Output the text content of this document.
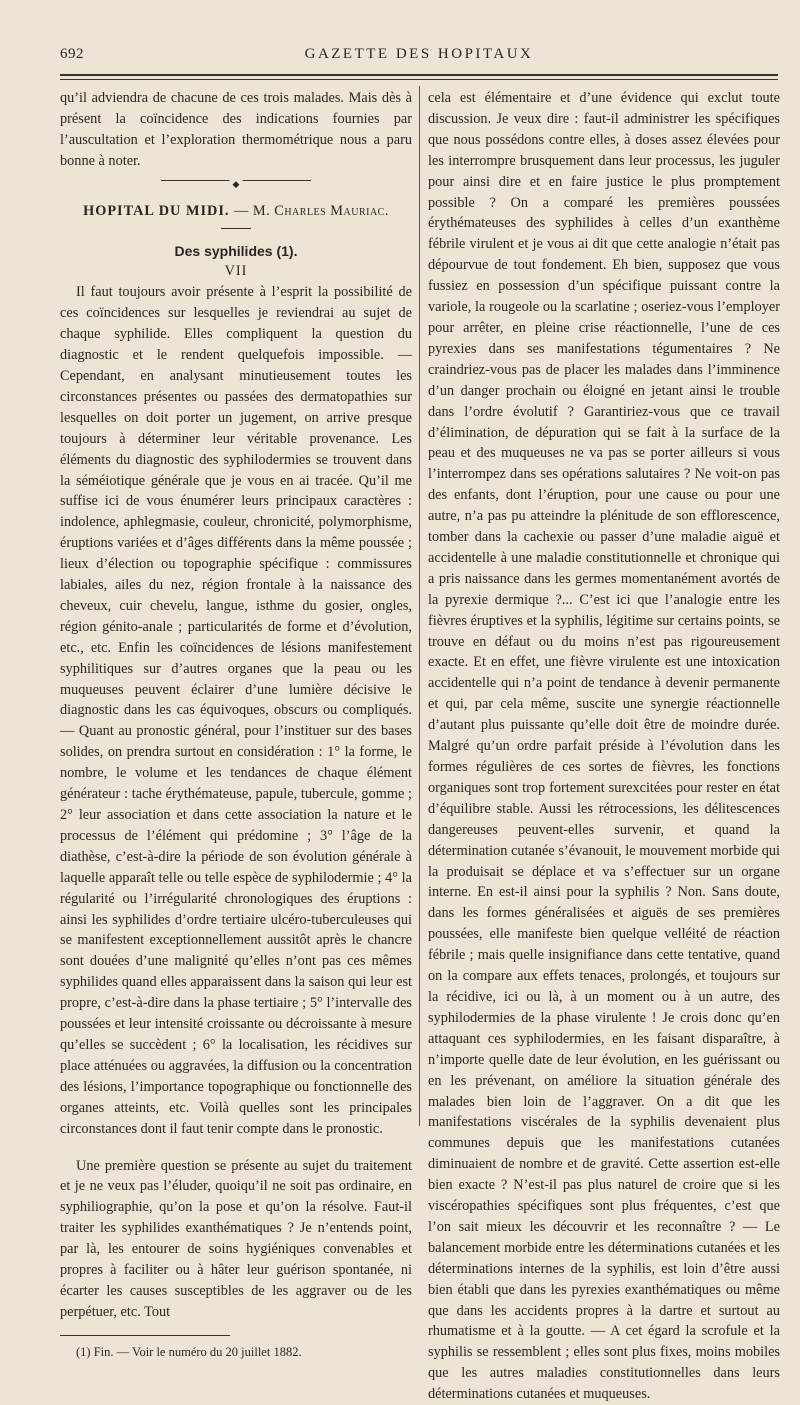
692	GAZETTE DES HOPITAUX

qu’il adviendra de chacune de ces trois malades. Mais dès à présent la coïncidence des indications fournies par l’auscultation et l’exploration thermométrique nous a paru bonne à noter.

◆
HOPITAL DU MIDI. — M. Charles Mauriac.

Des syphilides (1).

VII

Il faut toujours avoir présente à l’esprit la possibilité de ces coïncidences sur lesquelles je reviendrai au sujet de chaque syphilide. Elles compliquent la question du diagnostic et le rendent quelquefois impossible. — Cependant, en analysant minutieusement toutes les circonstances présentes ou passées des dermatopathies sur lesquelles on doit porter un jugement, on arrive presque toujours à déterminer leur véritable provenance. Les éléments du diagnostic des syphilodermies se trouvent dans la séméiotique générale que je vous en ai tracée. Qu’il me suffise ici de vous énumérer leurs principaux caractères : indolence, aphlegmasie, couleur, chronicité, polymorphisme, éruptions variées et d’âges différents dans la même poussée ; lieux d’élection ou topographie spécifique : commissures labiales, ailes du nez, région frontale à la naissance des cheveux, cuir chevelu, langue, isthme du gosier, ongles, région génito-anale ; particularités de forme et d’évolution, etc., etc. Enfin les coïncidences de lésions manifestement syphilitiques sur d’autres organes que la peau ou les muqueuses peuvent éclairer d’une lumière décisive le diagnostic dans les cas équivoques, obscurs ou compliqués. — Quant au pronostic général, pour l’instituer sur des bases solides, on prendra surtout en considération : 1° la forme, le nombre, le volume et les tendances de chaque élément générateur : tache érythémateuse, papule, tubercule, gomme ; 2° leur association et dans cette association la nature et le processus de l’élément qui prédomine ; 3° l’âge de la diathèse, c’est-à-dire la période de son évolution générale à laquelle apparaît telle ou telle espèce de syphilodermie ; 4° la régularité ou l’irrégularité chronologiques des éruptions : ainsi les syphilides d’ordre tertiaire ulcéro-tuberculeuses qui se manifestent exceptionnellement aussitôt après le chancre sont douées d’une malignité qu’elles n’ont pas ces mêmes syphilides quand elles apparaissent dans la saison qui leur est propre, c’est-à-dire dans la phase tertiaire ; 5° l’intervalle des poussées et leur intensité croissante ou décroissante à mesure qu’elles se succèdent ; 6° la localisation, les récidives sur place atténuées ou aggravées, la diffusion ou la concentration des lésions, l’importance topographique ou fonctionnelle des organes atteints, etc. Voilà quelles sont les principales circonstances dont il faut tenir compte dans le pronostic.

Une première question se présente au sujet du traitement et je ne veux pas l’éluder, quoiqu’il ne soit pas ordinaire, en syphiliographie, qu’on la pose et qu’on la résolve. Faut-il traiter les syphilides exanthématiques ? Je n’entends point, par là, les entourer de soins hygiéniques convenables et propres à faciliter ou à hâter leur guérison spontanée, ni écarter les causes susceptibles de les aggraver ou de les perpétuer, etc. Tout

(1) Fin. — Voir le numéro du 20 juillet 1882.

cela est élémentaire et d’une évidence qui exclut toute discussion. Je veux dire : faut-il administrer les spécifiques que nous possédons contre elles, à doses assez élevées pour les interrompre brusquement dans leur processus, les juguler pour ainsi dire et en faire justice le plus promptement possible ? On a comparé les premières poussées érythémateuses des syphilides à celles d’un exanthème fébrile virulent et je vous ai dit que cette analogie n’était pas dépourvue de tout fondement. Eh bien, supposez que vous fussiez en possession d’un spécifique puissant contre la variole, la rougeole ou la scarlatine ; oseriez-vous l’employer pour arrêter, en pleine crise réactionnelle, l’une de ces pyrexies dans ses manifestations tégumentaires ? Ne craindriez-vous pas de placer les malades dans l’imminence d’un danger prochain ou éloigné en jetant ainsi le trouble dans l’ordre évolutif ? Garantiriez-vous que ce travail d’élimination, de dépuration qui se fait à la surface de la peau et des muqueuses ne va pas se porter ailleurs si vous l’interrompez dans ses opérations salutaires ? Ne voit-on pas des enfants, dont l’éruption, pour une cause ou pour une autre, n’a pas pu atteindre la plénitude de son efflorescence, tomber dans la cachexie ou passer d’une maladie aiguë et accidentelle à une maladie constitutionnelle et chronique qui a pris naissance dans les germes momentanément avortés de la pyrexie dermique ?... C’est ici que l’analogie entre les fièvres éruptives et la syphilis, légitime sur certains points, se trouve en défaut ou du moins n’est pas rigoureusement exacte. Et en effet, une fièvre virulente est une intoxication accidentelle qui n’a point de tendance à devenir permanente et qui, par cela même, suscite une synergie réactionnelle d’autant plus puissante qu’elle doit être de moindre durée. Malgré qu’un ordre parfait préside à l’évolution dans les formes régulières de ces sortes de fièvres, les fonctions organiques sont trop fortement surexcitées pour rester en état d’équilibre stable. Aussi les rétrocessions, les délitescences dangereuses peuvent-elles survenir, et quand la détermination cutanée s’évanouit, le mouvement morbide qui la produisait se déplace et va s’effectuer sur un organe interne. En est-il ainsi pour la syphilis ? Non. Sans doute, dans les formes généralisées et aiguës de ses premières poussées, elle manifeste bien quelque velléité de réaction fébrile ; mais quelle insignifiance dans cette tentative, quand on la compare aux effets tenaces, prolongés, et toujours sur la récidive, ici ou là, à un moment ou à un autre, des syphilodermies de la phase virulente ! Je crois donc qu’en attaquant ces syphilodermies, en les faisant disparaître, à n’importe quelle date de leur évolution, en les guérissant ou en les prévenant, on améliore la situation générale des malades bien loin de l’aggraver. On a dit que les manifestations viscérales de la syphilis devenaient plus communes depuis que les manifestations cutanées diminuaient de nombre et de gravité. Cette assertion est-elle bien exacte ? N’est-il pas plus naturel de croire que si les viscéropathies spécifiques sont plus fréquentes, c’est que l’on sait mieux les découvrir et les reconnaître ? — Le balancement morbide entre les déterminations cutanées et les déterminations internes de la syphilis, est loin d’être aussi bien établi que dans les pyrexies exanthématiques ou même que dans les accidents propres à la dartre et surtout au rhumatisme et à la goutte. — A cet égard la scrofule et la syphilis se ressemblent ; elles sont plus fixes, moins mobiles que les autres maladies constitutionnelles dans leurs déterminations cutanées et muqueuses.
